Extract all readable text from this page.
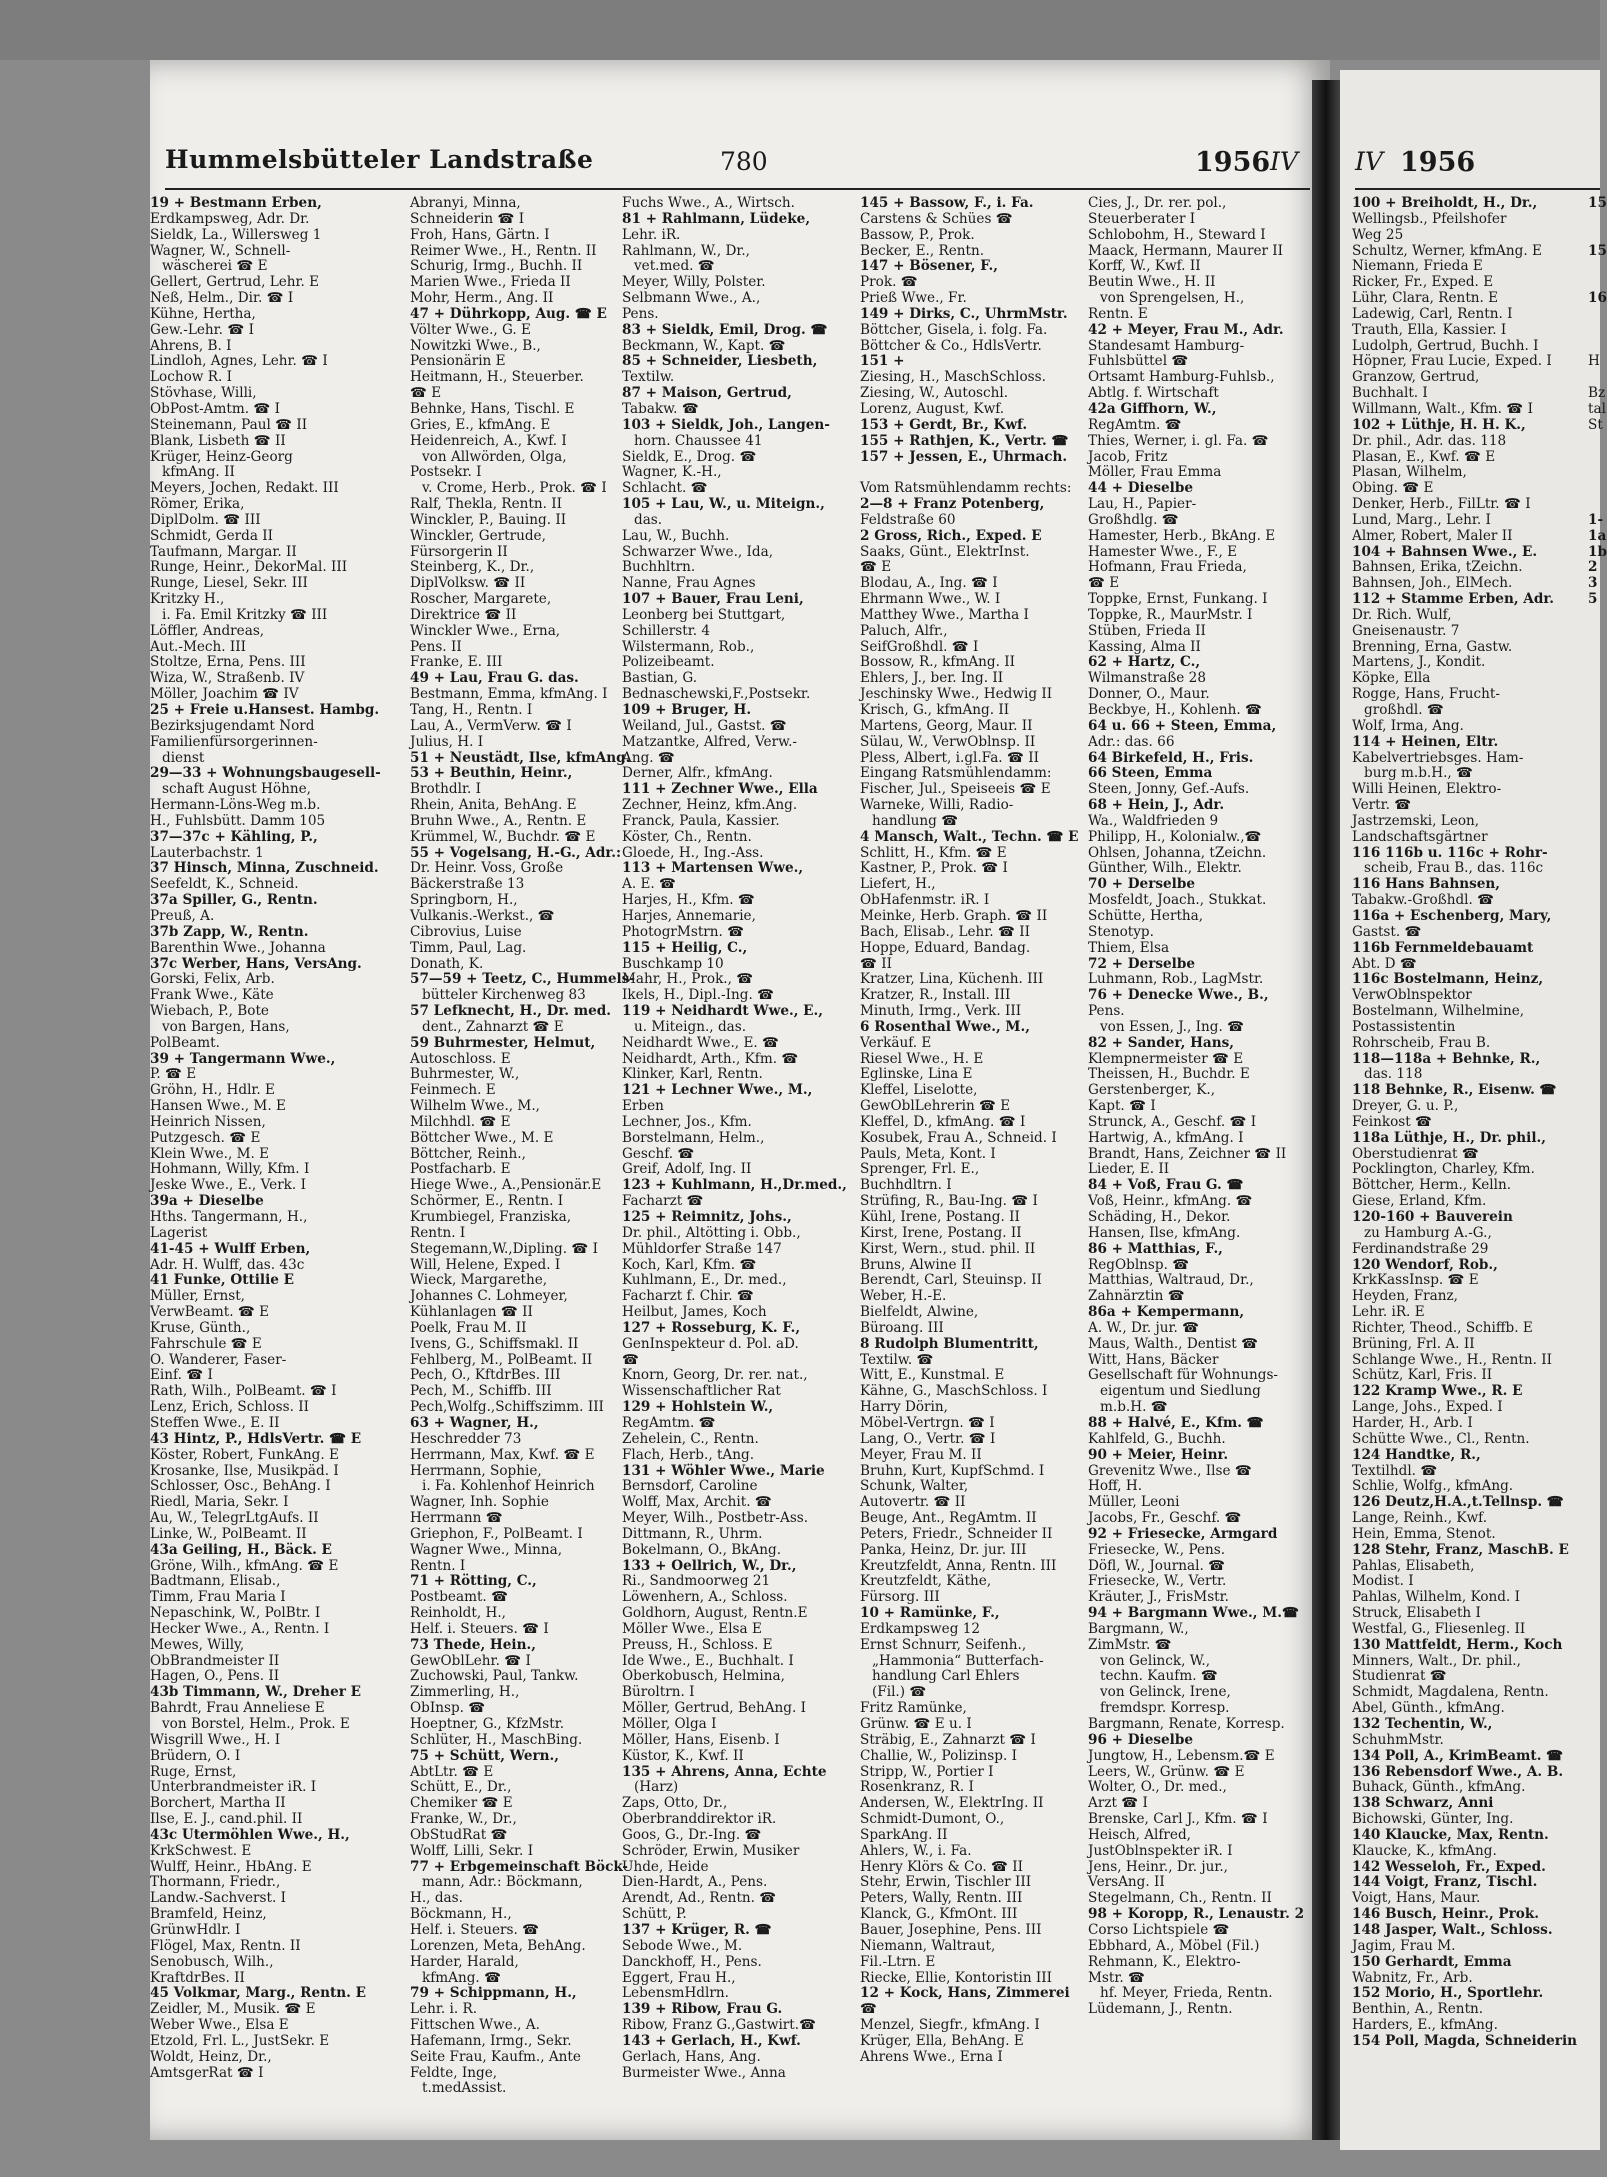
Hummelsbütteler Landstraße	780	1956 IV IV 1956

19 + Bestmann Erben,

Erdkampsweg, Adr. Dr.

Sieldk, La., Willersweg 1

Wagner, W., Schnell-

wäscherei ☎ E

Gellert, Gertrud, Lehr. E

Neß, Helm., Dir. ☎ I

Kühne, Hertha,

Gew.-Lehr. ☎ I

Ahrens, B. I

Lindloh, Agnes, Lehr. ☎ I

Lochow R. I

Stövhase, Willi,

ObPost-Amtm. ☎ I

Steinemann, Paul ☎ II

Blank, Lisbeth ☎ II

Krüger, Heinz-Georg

kfmAng. II

Meyers, Jochen, Redakt. III

Römer, Erika,

DiplDolm. ☎ III

Schmidt, Gerda II

Taufmann, Margar. II

Runge, Heinr., DekorMal. III

Runge, Liesel, Sekr. III

Kritzky H.,

i. Fa. Emil Kritzky ☎ III

Löffler, Andreas,

Aut.-Mech. III

Stoltze, Erna, Pens. III

Wiza, W., Straßenb. IV

Möller, Joachim ☎ IV

25 + Freie u.Hansest. Hambg.

Bezirksjugendamt Nord

Familienfürsorgerinnen-

dienst

29—33 + Wohnungsbaugesell-

schaft August Höhne,

Hermann-Löns-Weg m.b.

H., Fuhlsbütt. Damm 105

37—37c + Kähling, P.,

Lauterbachstr. 1

37 Hinsch, Minna, Zuschneid.

Seefeldt, K., Schneid.

37a Spiller, G., Rentn.

Preuß, A.

37b Zapp, W., Rentn.

Barenthin Wwe., Johanna

37c Werber, Hans, VersAng.

Gorski, Felix, Arb.

Frank Wwe., Käte

Wiebach, P., Bote

von Bargen, Hans,

PolBeamt.

39 + Tangermann Wwe.,

P. ☎ E

Gröhn, H., Hdlr. E

Hansen Wwe., M. E

Heinrich Nissen,

Putzgesch. ☎ E

Klein Wwe., M. E

Hohmann, Willy, Kfm. I

Jeske Wwe., E., Verk. I

39a + Dieselbe

Hths. Tangermann, H.,

Lagerist

41-45 + Wulff Erben,

Adr. H. Wulff, das. 43c

41 Funke, Ottilie E

Müller, Ernst,

VerwBeamt. ☎ E

Kruse, Günth.,

Fahrschule ☎ E

O. Wanderer, Faser-

Einf. ☎ I

Rath, Wilh., PolBeamt. ☎ I

Lenz, Erich, Schloss. II

Steffen Wwe., E. II

43 Hintz, P., HdlsVertr. ☎ E

Köster, Robert, FunkAng. E

Krosanke, Ilse, Musikpäd. I

Schlosser, Osc., BehAng. I

Riedl, Maria, Sekr. I

Au, W., TelegrLtgAufs. II

Linke, W., PolBeamt. II

43a Geiling, H., Bäck. E

Gröne, Wilh., kfmAng. ☎ E

Badtmann, Elisab.,

Timm, Frau Maria I

Nepaschink, W., PolBtr. I

Hecker Wwe., A., Rentn. I

Mewes, Willy,

ObBrandmeister II

Hagen, O., Pens. II

43b Timmann, W., Dreher E

Bahrdt, Frau Anneliese E

von Borstel, Helm., Prok. E

Wisgrill Wwe., H. I

Brüdern, O. I

Ruge, Ernst,

Unterbrandmeister iR. I

Borchert, Martha II

Ilse, E. J., cand.phil. II

43c Utermöhlen Wwe., H.,

KrkSchwest. E

Wulff, Heinr., HbAng. E

Thormann, Friedr.,

Landw.-Sachverst. I

Bramfeld, Heinz,

GrünwHdlr. I

Flögel, Max, Rentn. II

Senobusch, Wilh.,

KraftdrBes. II

45 Volkmar, Marg., Rentn. E

Zeidler, M., Musik. ☎ E

Weber Wwe., Elsa E

Etzold, Frl. L., JustSekr. E

Woldt, Heinz, Dr.,

AmtsgerRat ☎ I

Abranyi, Minna,

Schneiderin ☎ I

Froh, Hans, Gärtn. I

Reimer Wwe., H., Rentn. II

Schurig, Irmg., Buchh. II

Marien Wwe., Frieda II

Mohr, Herm., Ang. II

47 + Dührkopp, Aug. ☎ E

Völter Wwe., G. E

Nowitzki Wwe., B.,

Pensionärin E

Heitmann, H., Steuerber.

☎ E

Behnke, Hans, Tischl. E

Gries, E., kfmAng. E

Heidenreich, A., Kwf. I

von Allwörden, Olga,

Postsekr. I

v. Crome, Herb., Prok. ☎ I

Ralf, Thekla, Rentn. II

Winckler, P., Bauing. II

Winckler, Gertrude,

Fürsorgerin II

Steinberg, K., Dr.,

DiplVolksw. ☎ II

Roscher, Margarete,

Direktrice ☎ II

Winckler Wwe., Erna,

Pens. II

Franke, E. III

49 + Lau, Frau G. das.

Bestmann, Emma, kfmAng. I

Tang, H., Rentn. I

Lau, A., VermVerw. ☎ I

Julius, H. I

51 + Neustädt, Ilse, kfmAng.

53 + Beuthin, Heinr.,

Brothdlr. I

Rhein, Anita, BehAng. E

Bruhn Wwe., A., Rentn. E

Krümmel, W., Buchdr. ☎ E

55 + Vogelsang, H.-G., Adr.:

Dr. Heinr. Voss, Große

Bäckerstraße 13

Springborn, H.,

Vulkanis.-Werkst., ☎

Cibrovius, Luise

Timm, Paul, Lag.

Donath, K.

57—59 + Teetz, C., Hummels-

bütteler Kirchenweg 83

57 Lefknecht, H., Dr. med.

dent., Zahnarzt ☎ E

59 Buhrmester, Helmut,

Autoschloss. E

Buhrmester, W.,

Feinmech. E

Wilhelm Wwe., M.,

Milchhdl. ☎ E

Böttcher Wwe., M. E

Böttcher, Reinh.,

Postfacharb. E

Hiege Wwe., A.,Pensionär.E

Schörmer, E., Rentn. I

Krumbiegel, Franziska,

Rentn. I

Stegemann,W.,Dipling. ☎ I

Will, Helene, Exped. I

Wieck, Margarethe,

Johannes C. Lohmeyer,

Kühlanlagen ☎ II

Poelk, Frau M. II

Ivens, G., Schiffsmakl. II

Fehlberg, M., PolBeamt. II

Pech, O., KftdrBes. III

Pech, M., Schiffb. III

Pech,Wolfg.,Schiffszimm. III

63 + Wagner, H.,

Heschredder 73

Herrmann, Max, Kwf. ☎ E

Herrmann, Sophie,

i. Fa. Kohlenhof Heinrich

Wagner, Inh. Sophie

Herrmann ☎

Griephon, F., PolBeamt. I

Wagner Wwe., Minna,

Rentn. I

71 + Rötting, C.,

Postbeamt. ☎

Reinholdt, H.,

Helf. i. Steuers. ☎ I

73 Thede, Hein.,

GewOblLehr. ☎ I

Zuchowski, Paul, Tankw.

Zimmerling, H.,

ObInsp. ☎

Hoeptner, G., KfzMstr.

Schlüter, H., MaschBing.

75 + Schütt, Wern.,

AbtLtr. ☎ E

Schütt, E., Dr.,

Chemiker ☎ E

Franke, W., Dr.,

ObStudRat ☎

Wolff, Lilli, Sekr. I

77 + Erbgemeinschaft Böck-

mann, Adr.: Böckmann,

H., das.

Böckmann, H.,

Helf. i. Steuers. ☎

Lorenzen, Meta, BehAng.

Harder, Harald,

kfmAng. ☎

79 + Schippmann, H.,

Lehr. i. R.

Fittschen Wwe., A.

Hafemann, Irmg., Sekr.

Seite Frau, Kaufm., Ante

Feldte, Inge,

t.medAssist.

Fuchs Wwe., A., Wirtsch.

81 + Rahlmann, Lüdeke,

Lehr. iR.

Rahlmann, W., Dr.,

vet.med. ☎

Meyer, Willy, Polster.

Selbmann Wwe., A.,

Pens.

83 + Sieldk, Emil, Drog. ☎

Beckmann, W., Kapt. ☎

85 + Schneider, Liesbeth,

Textilw.

87 + Maison, Gertrud,

Tabakw. ☎

103 + Sieldk, Joh., Langen-

horn. Chaussee 41

Sieldk, E., Drog. ☎

Wagner, K.-H.,

Schlacht. ☎

105 + Lau, W., u. Miteign.,

das.

Lau, W., Buchh.

Schwarzer Wwe., Ida,

Buchhltrn.

Nanne, Frau Agnes

107 + Bauer, Frau Leni,

Leonberg bei Stuttgart,

Schillerstr. 4

Wilstermann, Rob.,

Polizeibeamt.

Bastian, G.

Bednaschewski,F.,Postsekr.

109 + Bruger, H.

Weiland, Jul., Gastst. ☎

Matzantke, Alfred, Verw.-

Ang. ☎

Derner, Alfr., kfmAng.

111 + Zechner Wwe., Ella

Zechner, Heinz, kfm.Ang.

Franck, Paula, Kassier.

Köster, Ch., Rentn.

Gloede, H., Ing.-Ass.

113 + Martensen Wwe.,

A. E. ☎

Harjes, H., Kfm. ☎

Harjes, Annemarie,

PhotogrMstrn. ☎

115 + Heilig, C.,

Buschkamp 10

Mahr, H., Prok., ☎

Ikels, H., Dipl.-Ing. ☎

119 + Neidhardt Wwe., E.,

u. Miteign., das.

Neidhardt Wwe., E. ☎

Neidhardt, Arth., Kfm. ☎

Klinker, Karl, Rentn.

121 + Lechner Wwe., M.,

Erben

Lechner, Jos., Kfm.

Borstelmann, Helm.,

Geschf. ☎

Greif, Adolf, Ing. II

123 + Kuhlmann, H.,Dr.med.,

Facharzt ☎

125 + Reimnitz, Johs.,

Dr. phil., Altötting i. Obb.,

Mühldorfer Straße 147

Koch, Karl, Kfm. ☎

Kuhlmann, E., Dr. med.,

Facharzt f. Chir. ☎

Heilbut, James, Koch

127 + Rosseburg, K. F.,

GenInspekteur d. Pol. aD.

☎

Knorn, Georg, Dr. rer. nat.,

Wissenschaftlicher Rat

129 + Hohlstein W.,

RegAmtm. ☎

Zehelein, C., Rentn.

Flach, Herb., tAng.

131 + Wöhler Wwe., Marie

Bernsdorf, Caroline

Wolff, Max, Archit. ☎

Meyer, Wilh., Postbetr-Ass.

Dittmann, R., Uhrm.

Bokelmann, O., BkAng.

133 + Oellrich, W., Dr.,

Ri., Sandmoorweg 21

Löwenhern, A., Schloss.

Goldhorn, August, Rentn.E

Möller Wwe., Elsa E

Preuss, H., Schloss. E

Ide Wwe., E., Buchhalt. I

Oberkobusch, Helmina,

Büroltrn. I

Möller, Gertrud, BehAng. I

Möller, Olga I

Möller, Hans, Eisenb. I

Küstor, K., Kwf. II

135 + Ahrens, Anna, Echte

(Harz)

Zaps, Otto, Dr.,

Oberbranddirektor iR.

Goos, G., Dr.-Ing. ☎

Schröder, Erwin, Musiker

Uhde, Heide

Dien-Hardt, A., Pens.

Arendt, Ad., Rentn. ☎

Schütt, P.

137 + Krüger, R. ☎

Sebode Wwe., M.

Danckhoff, H., Pens.

Eggert, Frau H.,

LebensmHdlrn.

139 + Ribow, Frau G.

Ribow, Franz G.,Gastwirt.☎

143 + Gerlach, H., Kwf.

Gerlach, Hans, Ang.

Burmeister Wwe., Anna

145 + Bassow, F., i. Fa.

Carstens & Schües ☎

Bassow, P., Prok.

Becker, E., Rentn.

147 + Bösener, F.,

Prok. ☎

Prieß Wwe., Fr.

149 + Dirks, C., UhrmMstr.

Böttcher, Gisela, i. folg. Fa.

Böttcher & Co., HdlsVertr.

151 +

Ziesing, H., MaschSchloss.

Ziesing, W., Autoschl.

Lorenz, August, Kwf.

153 + Gerdt, Br., Kwf.

155 + Rathjen, K., Vertr. ☎

157 + Jessen, E., Uhrmach.

Vom Ratsmühlendamm rechts:

2—8 + Franz Potenberg,

Feldstraße 60

2 Gross, Rich., Exped. E

Saaks, Günt., ElektrInst.

☎ E

Blodau, A., Ing. ☎ I

Ehrmann Wwe., W. I

Matthey Wwe., Martha I

Paluch, Alfr.,

SeifGroßhdl. ☎ I

Bossow, R., kfmAng. II

Ehlers, J., ber. Ing. II

Jeschinsky Wwe., Hedwig II

Krisch, G., kfmAng. II

Martens, Georg, Maur. II

Sülau, W., VerwOblnsp. II

Pless, Albert, i.gl.Fa. ☎ II

Eingang Ratsmühlendamm:

Fischer, Jul., Speiseeis ☎ E

Warneke, Willi, Radio-

handlung ☎

4 Mansch, Walt., Techn. ☎ E

Schlitt, H., Kfm. ☎ E

Kastner, P., Prok. ☎ I

Liefert, H.,

ObHafenmstr. iR. I

Meinke, Herb. Graph. ☎ II

Bach, Elisab., Lehr. ☎ II

Hoppe, Eduard, Bandag.

☎ II

Kratzer, Lina, Küchenh. III

Kratzer, R., Install. III

Minuth, Irmg., Verk. III

6 Rosenthal Wwe., M.,

Verkäuf. E

Riesel Wwe., H. E

Eglinske, Lina E

Kleffel, Liselotte,

GewOblLehrerin ☎ E

Kleffel, D., kfmAng. ☎ I

Kosubek, Frau A., Schneid. I

Pauls, Meta, Kont. I

Sprenger, Frl. E.,

Buchhdltrn. I

Strüfing, R., Bau-Ing. ☎ I

Kühl, Irene, Postang. II

Kirst, Irene, Postang. II

Kirst, Wern., stud. phil. II

Bruns, Alwine II

Berendt, Carl, Steuinsp. II

Weber, H.-E.

Bielfeldt, Alwine,

Büroang. III

8 Rudolph Blumentritt,

Textilw. ☎

Witt, E., Kunstmal. E

Kähne, G., MaschSchloss. I

Harry Dörin,

Möbel-Vertrgn. ☎ I

Lang, O., Vertr. ☎ I

Meyer, Frau M. II

Bruhn, Kurt, KupfSchmd. I

Schunk, Walter,

Autovertr. ☎ II

Beuge, Ant., RegAmtm. II

Peters, Friedr., Schneider II

Panka, Heinz, Dr. jur. III

Kreutzfeldt, Anna, Rentn. III

Kreutzfeldt, Käthe,

Fürsorg. III

10 + Ramünke, F.,

Erdkampsweg 12

Ernst Schnurr, Seifenh.,

„Hammonia“ Butterfach-

handlung Carl Ehlers

(Fil.) ☎

Fritz Ramünke,

Grünw. ☎ E u. I

Sträbig, E., Zahnarzt ☎ I

Challie, W., Polizinsp. I

Stripp, W., Portier I

Rosenkranz, R. I

Andersen, W., ElektrIng. II

Schmidt-Dumont, O.,

SparkAng. II

Ahlers, W., i. Fa.

Henry Klörs & Co. ☎ II

Stehr, Erwin, Tischler III

Peters, Wally, Rentn. III

Klanck, G., KfmOnt. III

Bauer, Josephine, Pens. III

Niemann, Waltraut,

Fil.-Ltrn. E

Riecke, Ellie, Kontoristin III

12 + Kock, Hans, Zimmerei

☎

Menzel, Siegfr., kfmAng. I

Krüger, Ella, BehAng. E

Ahrens Wwe., Erna I

Cies, J., Dr. rer. pol.,

Steuerberater I

Schlobohm, H., Steward I

Maack, Hermann, Maurer II

Korff, W., Kwf. II

Beutin Wwe., H. II

von Sprengelsen, H.,

Rentn. E

42 + Meyer, Frau M., Adr.

Standesamt Hamburg-

Fuhlsbüttel ☎

Ortsamt Hamburg-Fuhlsb.,

Abtlg. f. Wirtschaft

42a Giffhorn, W.,

RegAmtm. ☎

Thies, Werner, i. gl. Fa. ☎

Jacob, Fritz

Möller, Frau Emma

44 + Dieselbe

Lau, H., Papier-

Großhdlg. ☎

Hamester, Herb., BkAng. E

Hamester Wwe., F., E

Hofmann, Frau Frieda,

☎ E

Toppke, Ernst, Funkang. I

Toppke, R., MaurMstr. I

Stüben, Frieda II

Kassing, Alma II

62 + Hartz, C.,

Wilmanstraße 28

Donner, O., Maur.

Beckbye, H., Kohlenh. ☎

64 u. 66 + Steen, Emma,

Adr.: das. 66

64 Birkefeld, H., Fris.

66 Steen, Emma

Steen, Jonny, Gef.-Aufs.

68 + Hein, J., Adr.

Wa., Waldfrieden 9

Philipp, H., Kolonialw.,☎

Ohlsen, Johanna, tZeichn.

Günther, Wilh., Elektr.

70 + Derselbe

Mosfeldt, Joach., Stukkat.

Schütte, Hertha,

Stenotyp.

Thiem, Elsa

72 + Derselbe

Luhmann, Rob., LagMstr.

76 + Denecke Wwe., B.,

Pens.

von Essen, J., Ing. ☎

82 + Sander, Hans,

Klempnermeister ☎ E

Theissen, H., Buchdr. E

Gerstenberger, K.,

Kapt. ☎ I

Strunck, A., Geschf. ☎ I

Hartwig, A., kfmAng. I

Brandt, Hans, Zeichner ☎ II

Lieder, E. II

84 + Voß, Frau G. ☎

Voß, Heinr., kfmAng. ☎

Schäding, H., Dekor.

Hansen, Ilse, kfmAng.

86 + Matthias, F.,

RegOblnsp. ☎

Matthias, Waltraud, Dr.,

Zahnärztin ☎

86a + Kempermann,

A. W., Dr. jur. ☎

Maus, Walth., Dentist ☎

Witt, Hans, Bäcker

Gesellschaft für Wohnungs-

eigentum und Siedlung

m.b.H. ☎

88 + Halvé, E., Kfm. ☎

Kahlfeld, G., Buchh.

90 + Meier, Heinr.

Grevenitz Wwe., Ilse ☎

Hoff, H.

Müller, Leoni

Jacobs, Fr., Geschf. ☎

92 + Friesecke, Armgard

Friesecke, W., Pens.

Döfl, W., Journal. ☎

Friesecke, W., Vertr.

Kräuter, J., FrisMstr.

94 + Bargmann Wwe., M.☎

Bargmann, W.,

ZimMstr. ☎

von Gelinck, W.,

techn. Kaufm. ☎

von Gelinck, Irene,

fremdspr. Korresp.

Bargmann, Renate, Korresp.

96 + Dieselbe

Jungtow, H., Lebensm.☎ E

Leers, W., Grünw. ☎ E

Wolter, O., Dr. med.,

Arzt ☎ I

Brenske, Carl J., Kfm. ☎ I

Heisch, Alfred,

JustOblnspekter iR. I

Jens, Heinr., Dr. jur.,

VersAng. II

Stegelmann, Ch., Rentn. II

98 + Koropp, R., Lenaustr. 2

Corso Lichtspiele ☎

Ebbhard, A., Möbel (Fil.)

Rehmann, K., Elektro-

Mstr. ☎

hf. Meyer, Frieda, Rentn.

Lüdemann, J., Rentn.

100 + Breiholdt, H., Dr.,

Wellingsb., Pfeilshofer

Weg 25

Schultz, Werner, kfmAng. E

Niemann, Frieda E

Ricker, Fr., Exped. E

Lühr, Clara, Rentn. E

Ladewig, Carl, Rentn. I

Trauth, Ella, Kassier. I

Ludolph, Gertrud, Buchh. I

Höpner, Frau Lucie, Exped. I

Granzow, Gertrud,

Buchhalt. I

Willmann, Walt., Kfm. ☎ I

102 + Lüthje, H. H. K.,

Dr. phil., Adr. das. 118

Plasan, E., Kwf. ☎ E

Plasan, Wilhelm,

Obing. ☎ E

Denker, Herb., FilLtr. ☎ I

Lund, Marg., Lehr. I

Almer, Robert, Maler II

104 + Bahnsen Wwe., E.

Bahnsen, Erika, tZeichn.

Bahnsen, Joh., ElMech.

112 + Stamme Erben, Adr.

Dr. Rich. Wulf,

Gneisenaustr. 7

Brenning, Erna, Gastw.

Martens, J., Kondit.

Köpke, Ella

Rogge, Hans, Frucht-

großhdl. ☎

Wolf, Irma, Ang.

114 + Heinen, Eltr.

Kabelvertriebsges. Ham-

burg m.b.H., ☎

Willi Heinen, Elektro-

Vertr. ☎

Jastrzemski, Leon,

Landschaftsgärtner

116 116b u. 116c + Rohr-

scheib, Frau B., das. 116c

116 Hans Bahnsen,

Tabakw.-Großhdl. ☎

116a + Eschenberg, Mary,

Gastst. ☎

116b Fernmeldebauamt

Abt. D ☎

116c Bostelmann, Heinz,

VerwOblnspektor

Bostelmann, Wilhelmine,

Postassistentin

Rohrscheib, Frau B.

118—118a + Behnke, R.,

das. 118

118 Behnke, R., Eisenw. ☎

Dreyer, G. u. P.,

Feinkost ☎

118a Lüthje, H., Dr. phil.,

Oberstudienrat ☎

Pocklington, Charley, Kfm.

Böttcher, Herm., Kelln.

Giese, Erland, Kfm.

120-160 + Bauverein

zu Hamburg A.-G.,

Ferdinandstraße 29

120 Wendorf, Rob.,

KrkKassInsp. ☎ E

Heyden, Franz,

Lehr. iR. E

Richter, Theod., Schiffb. E

Brüning, Frl. A. II

Schlange Wwe., H., Rentn. II

Schütz, Karl, Fris. II

122 Kramp Wwe., R. E

Lange, Johs., Exped. I

Harder, H., Arb. I

Schütte Wwe., Cl., Rentn.

124 Handtke, R.,

Textilhdl. ☎

Schlie, Wolfg., kfmAng.

126 Deutz,H.A.,t.Tellnsp. ☎

Lange, Reinh., Kwf.

Hein, Emma, Stenot.

128 Stehr, Franz, MaschB. E

Pahlas, Elisabeth,

Modist. I

Pahlas, Wilhelm, Kond. I

Struck, Elisabeth I

Westfal, G., Fliesenleg. II

130 Mattfeldt, Herm., Koch

Minners, Walt., Dr. phil.,

Studienrat ☎

Schmidt, Magdalena, Rentn.

Abel, Günth., kfmAng.

132 Techentin, W.,

SchuhmMstr.

134 Poll, A., KrimBeamt. ☎

136 Rebensdorf Wwe., A. B.

Buhack, Günth., kfmAng.

138 Schwarz, Anni

Bichowski, Günter, Ing.

140 Klaucke, Max, Rentn.

Klaucke, K., kfmAng.

142 Wesseloh, Fr., Exped.

144 Voigt, Franz, Tischl.

Voigt, Hans, Maur.

146 Busch, Heinr., Prok.

148 Jasper, Walt., Schloss.

Jagim, Frau M.

150 Gerhardt, Emma

Wabnitz, Fr., Arb.

152 Morio, H., Sportlehr.

Benthin, A., Rentn.

Harders, E., kfmAng.

154 Poll, Magda, Schneiderin

15

15

16

H

Bz

tal

St

1-

1a

1b

2

3

5
